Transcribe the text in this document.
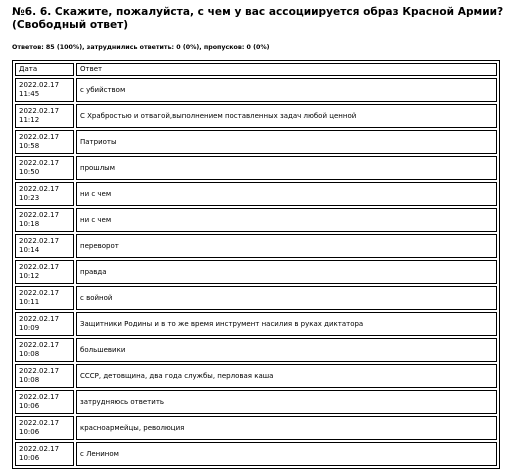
№6. 6. Скажите, пожалуйста, с чем у вас ассоциируется образ Красной Армии?
(Свободный ответ)

Ответов: 85 (100%), затруднились ответить: 0 (0%), пропусков: 0 (0%)

Дата	Ответ
2022.02.17
11:45	с убийством
2022.02.17
11:12	С Храбростью и отвагой,выполнением поставленных задач любой ценной
2022.02.17
10:58	Патриоты
2022.02.17
10:50	прошлым
2022.02.17
10:23	ни с чем
2022.02.17
10:18	ни с чем
2022.02.17
10:14	переворот
2022.02.17
10:12	правда
2022.02.17
10:11	с войной
2022.02.17
10:09	Защитники Родины и в то же время инструмент насилия в руках диктатора
2022.02.17
10:08	большевики
2022.02.17
10:08	СССР, детовщина, два года службы, перловая каша
2022.02.17
10:06	затрудняюсь ответить
2022.02.17
10:06	красноармейцы, революция
2022.02.17
10:06	с Ленином
